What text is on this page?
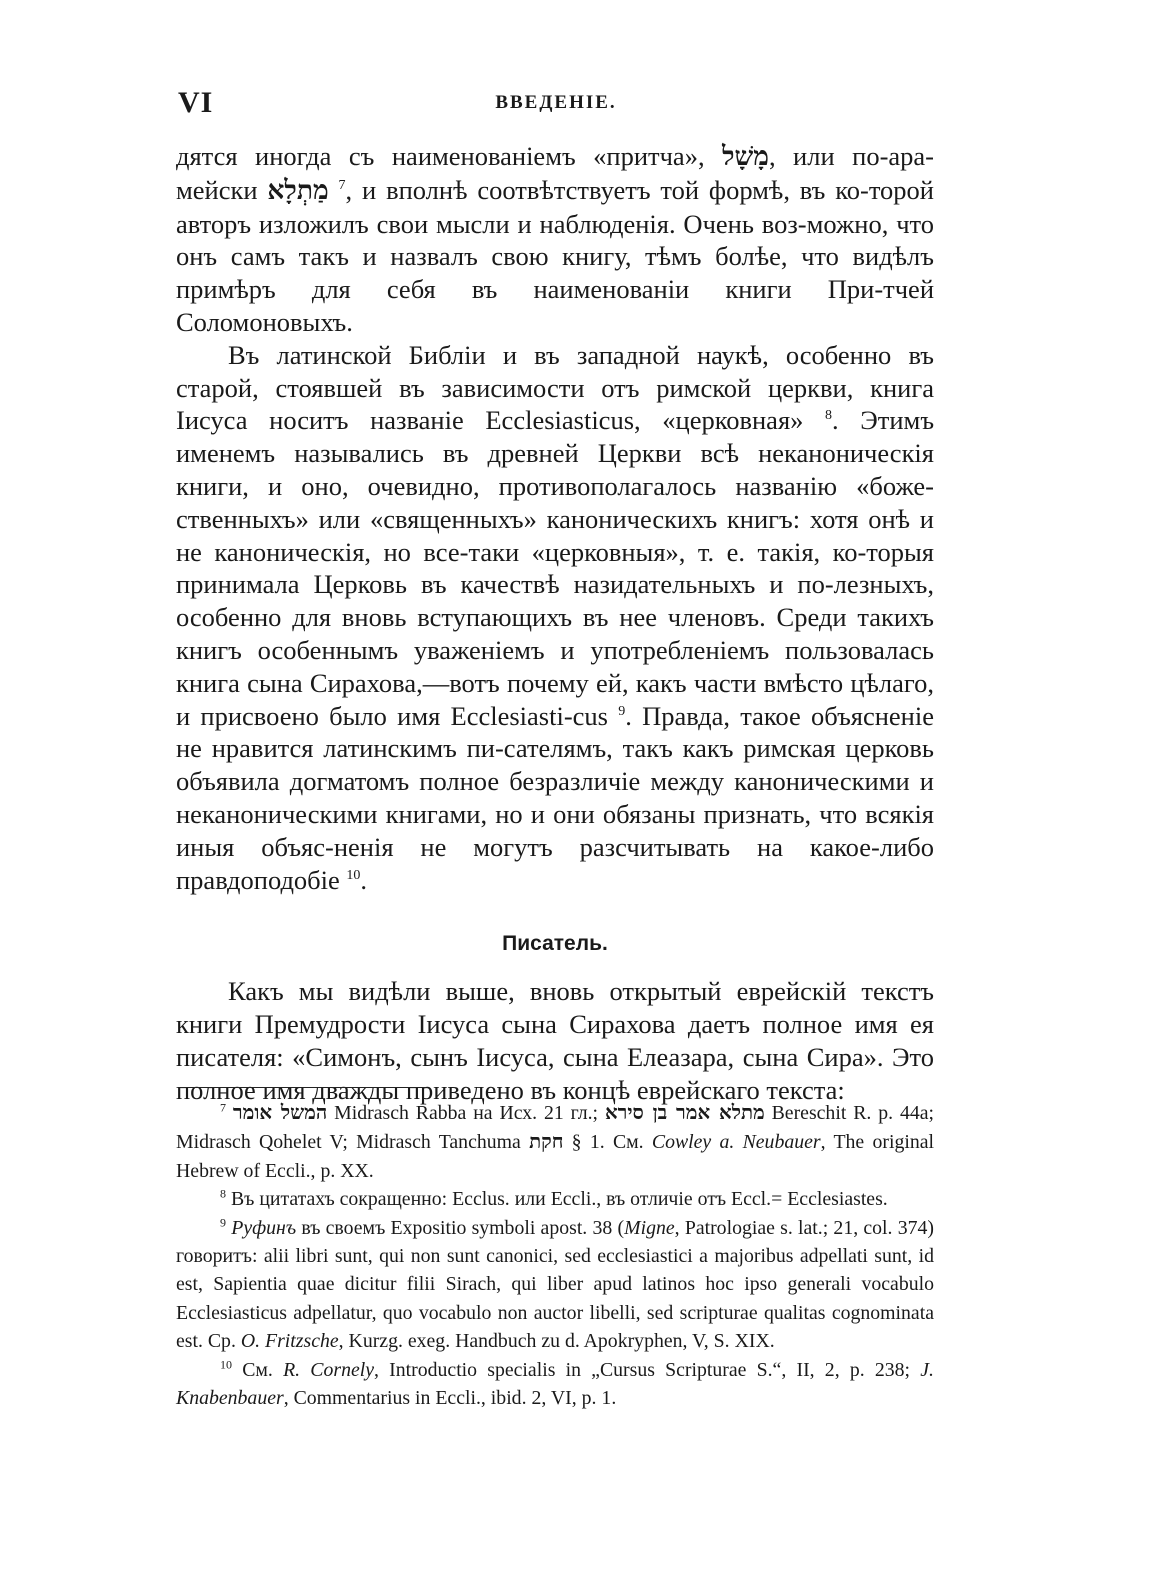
VI	ВВЕДЕНІЕ.

дятся иногда съ наименованіемъ «притча», מָשָׁל, или по-ара-мейски מַתְלָא $^7$, и вполнѣ соотвѣтствуетъ той формѣ, въ ко-торой авторъ изложилъ свои мысли и наблюденія. Очень воз-можно, что онъ самъ такъ и назвалъ свою книгу, тѣмъ болѣе, что видѣлъ примѣръ для себя въ наименованіи книги При-тчей Соломоновыхъ.

Въ латинской Библіи и въ западной наукѣ, особенно въ старой, стоявшей въ зависимости отъ римской церкви, книга Іисуса носитъ названіе Ecclesiasticus, «церковная» $^8$. Этимъ именемъ назывались въ древней Церкви всѣ неканоническія книги, и оно, очевидно, противополагалось названію «боже-ственныхъ» или «священныхъ» каноническихъ книгъ: хотя онѣ и не каноническія, но все-таки «церковныя», т. е. такія, ко-торыя принимала Церковь въ качествѣ назидательныхъ и по-лезныхъ, особенно для вновь вступающихъ въ нее членовъ. Среди такихъ книгъ особеннымъ уваженіемъ и употребленіемъ пользовалась книга сына Сирахова,—вотъ почему ей, какъ части вмѣсто цѣлаго, и присвоено было имя Ecclesiasti-cus $^9$. Правда, такое объясненіе не нравится латинскимъ пи-сателямъ, такъ какъ римская церковь объявила догматомъ полное безразличіе между каноническими и неканоническими книгами, но и они обязаны признать, что всякія иныя объяс-ненія не могутъ разсчитывать на какое-либо правдоподобіе $^{10}$.

Писатель.

Какъ мы видѣли выше, вновь открытый еврейскій текстъ книги Премудрости Іисуса сына Сирахова даетъ полное имя ея писателя: «Симонъ, сынъ Іисуса, сына Елеазара, сына Сира». Это полное имя дважды приведено въ концѣ еврейскаго текста:

$^7$ המשל אומר Midrasch Rabba на Исх. 21 гл.; מתלא אמר בן סירא Bereschit R. p. 44a; Midrasch Qohelet V; Midrasch Tanchuma חקת § 1. См. Cowley a. Neubauer, The original Hebrew of Eccli., p. XX.

$^8$ Въ цитатахъ сокращенно: Ecclus. или Eccli., въ отличіе отъ Eccl.= Ecclesiastes.

$^9$ Руфинъ въ своемъ Expositio symboli apost. 38 (Migne, Patrologiae s. lat.; 21, col. 374) говоритъ: alii libri sunt, qui non sunt canonici, sed ecclesiastici a majoribus adpellati sunt, id est, Sapientia quae dicitur filii Sirach, qui liber apud latinos hoc ipso generali vocabulo Ecclesiasticus adpellatur, quo vocabulo non auctor libelli, sed scripturae qualitas cognominata est. Cp. O. Fritzsche, Kurzg. exeg. Handbuch zu d. Apokryphen, V, S. XIX.

$^{10}$ См. R. Cornely, Introductio specialis in „Cursus Scripturae S.“, II, 2, p. 238; J. Knabenbauer, Commentarius in Eccli., ibid. 2, VI, p. 1.
